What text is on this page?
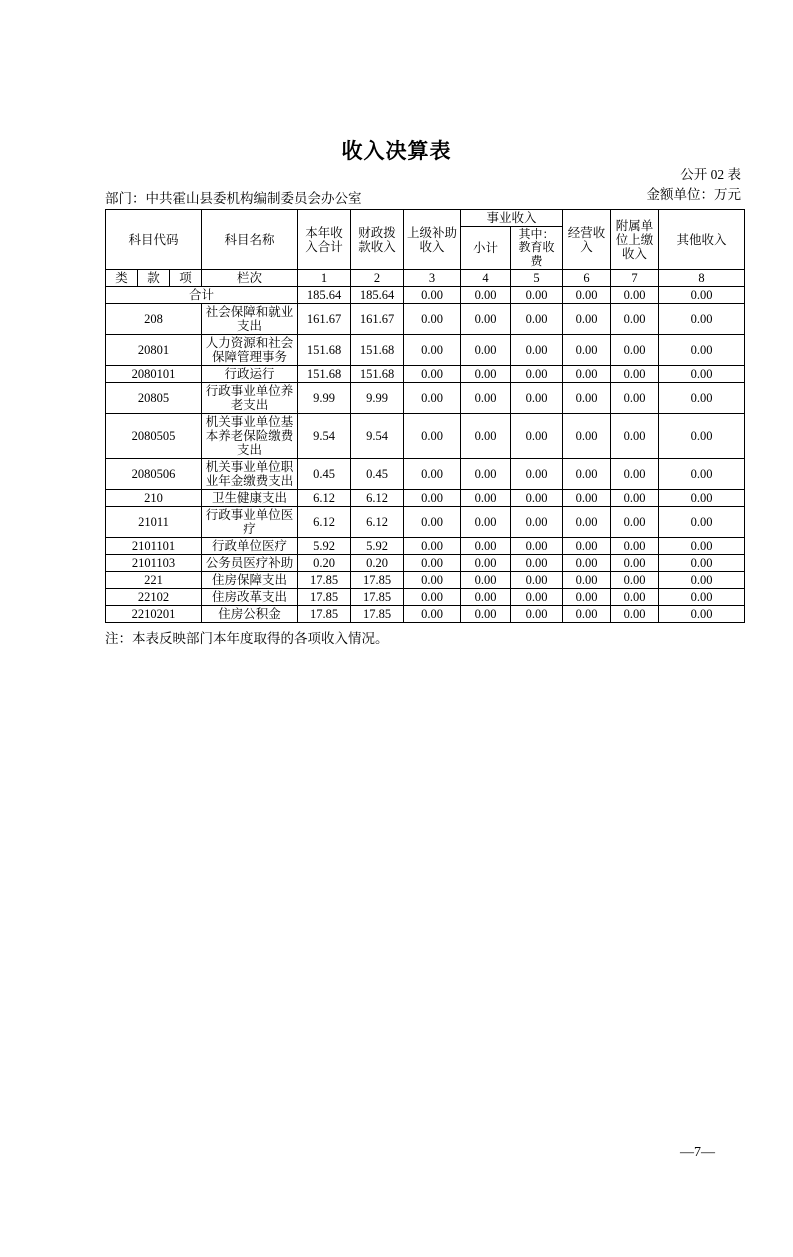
收入决算表
公开 02 表
金额单位：万元
部门：中共霍山县委机构编制委员会办公室
科目代码			科目名称	本年收入合计	财政拨款收入	上级补助收入	事业收入		经营收入	附属单位上缴收入	其他收入
							小计	其中：教育收费			
类	款	项	栏次	1	2	3	4	5	6	7	8
合计				185.64	185.64	0.00	0.00	0.00	0.00	0.00	0.00
208			社会保障和就业支出	161.67	161.67	0.00	0.00	0.00	0.00	0.00	0.00
20801			人力资源和社会保障管理事务	151.68	151.68	0.00	0.00	0.00	0.00	0.00	0.00
2080101			行政运行	151.68	151.68	0.00	0.00	0.00	0.00	0.00	0.00
20805			行政事业单位养老支出	9.99	9.99	0.00	0.00	0.00	0.00	0.00	0.00
2080505			机关事业单位基本养老保险缴费支出	9.54	9.54	0.00	0.00	0.00	0.00	0.00	0.00
2080506			机关事业单位职业年金缴费支出	0.45	0.45	0.00	0.00	0.00	0.00	0.00	0.00
210			卫生健康支出	6.12	6.12	0.00	0.00	0.00	0.00	0.00	0.00
21011			行政事业单位医疗	6.12	6.12	0.00	0.00	0.00	0.00	0.00	0.00
2101101			行政单位医疗	5.92	5.92	0.00	0.00	0.00	0.00	0.00	0.00
2101103			公务员医疗补助	0.20	0.20	0.00	0.00	0.00	0.00	0.00	0.00
221			住房保障支出	17.85	17.85	0.00	0.00	0.00	0.00	0.00	0.00
22102			住房改革支出	17.85	17.85	0.00	0.00	0.00	0.00	0.00	0.00
2210201			住房公积金	17.85	17.85	0.00	0.00	0.00	0.00	0.00	0.00
注：本表反映部门本年度取得的各项收入情况。
—7—
